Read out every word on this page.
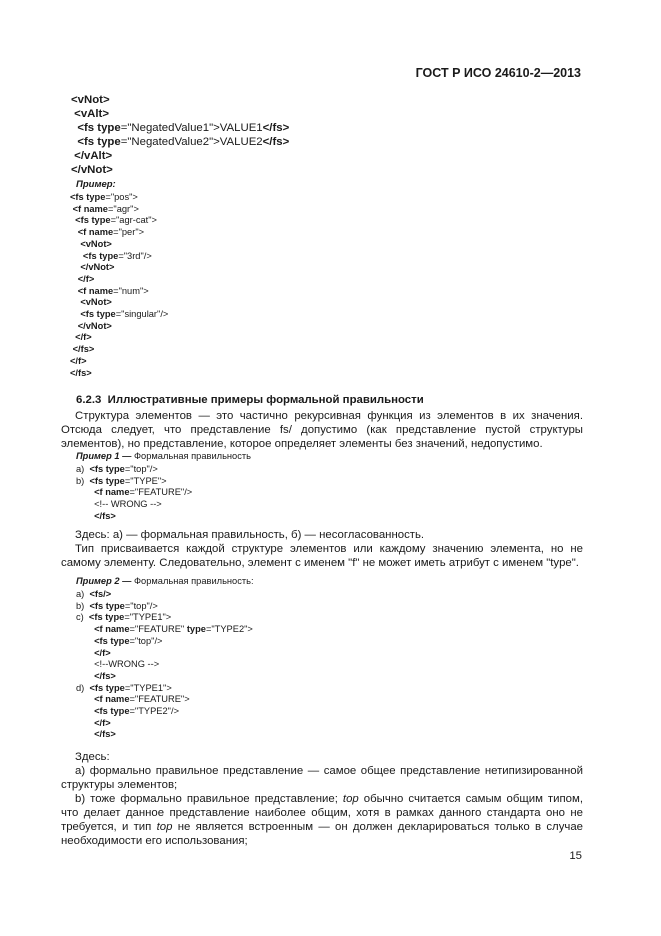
ГОСТ Р ИСО 24610-2—2013
<vNot>
<vAlt>
<fs type="NegatedValue1">VALUE1</fs>
<fs type="NegatedValue2">VALUE2</fs>
</vAlt>
</vNot>
Пример:
<fs type="pos">
<f name="agr">
<fs type="agr-cat">
<f name="per">
<vNot>
<fs type="3rd"/>
</vNot>
</f>
<f name="num">
<vNot>
<fs type="singular"/>
</vNot>
</f>
</fs>
</f>
</fs>
6.2.3  Иллюстративные примеры формальной правильности

Структура элементов — это частично рекурсивная функция из элементов в их значения. Отсюда следует, что представление fs/ допустимо (как представление пустой структуры элементов), но представление, которое определяет элементы без значений, недопустимо.

Пример 1 — Формальная правильность
a)  <fs type="top"/>
b)  <fs type="TYPE">
<f name="FEATURE"/>
<!-- WRONG -->
</fs>

Здесь: а) — формальная правильность, б) — несогласованность.

Тип присваивается каждой структуре элементов или каждому значению элемента, но не самому элементу. Следовательно, элемент с именем "f" не может иметь атрибут с именем "type".

Пример 2 — Формальная правильность:
a)  <fs/>
b)  <fs type="top"/>
c)  <fs type="TYPE1">
<f name="FEATURE" type="TYPE2">
<fs type="top"/>
</f>
<!--WRONG -->
</fs>
d)  <fs type="TYPE1">
<f name="FEATURE">
<fs type="TYPE2"/>
</f>
</fs>

Здесь:

a) формально правильное представление — самое общее представление нетипизированной структуры элементов;

b) тоже формально правильное представление; top обычно считается самым общим типом, что делает данное представление наиболее общим, хотя в рамках данного стандарта оно не требуется, и тип top не является встроенным — он должен декларироваться только в случае необходимости его использования;

15
